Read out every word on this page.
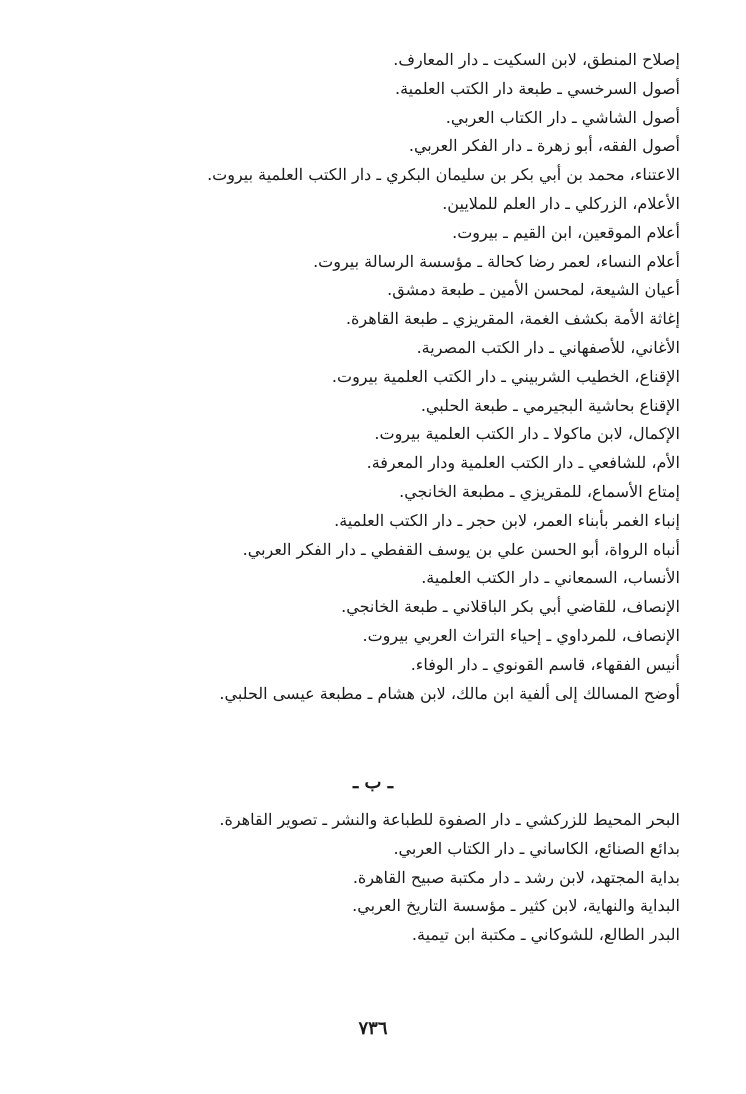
إصلاح المنطق، لابن السكيت ـ دار المعارف.
أصول السرخسي ـ طبعة دار الكتب العلمية.
أصول الشاشي ـ دار الكتاب العربي.
أصول الفقه، أبو زهرة ـ دار الفكر العربي.
الاعتناء، محمد بن أبي بكر بن سليمان البكري ـ دار الكتب العلمية بيروت.
الأعلام، الزركلي ـ دار العلم للملايين.
أعلام الموقعين، ابن القيم ـ بيروت.
أعلام النساء، لعمر رضا كحالة ـ مؤسسة الرسالة بيروت.
أعيان الشيعة، لمحسن الأمين ـ طبعة دمشق.
إغاثة الأمة بكشف الغمة، المقريزي ـ طبعة القاهرة.
الأغاني، للأصفهاني ـ دار الكتب المصرية.
الإقناع، الخطيب الشربيني ـ دار الكتب العلمية بيروت.
الإقناع بحاشية البجيرمي ـ طبعة الحلبي.
الإكمال، لابن ماكولا ـ دار الكتب العلمية بيروت.
الأم، للشافعي ـ دار الكتب العلمية ودار المعرفة.
إمتاع الأسماع، للمقريزي ـ مطبعة الخانجي.
إنباء الغمر بأبناء العمر، لابن حجر ـ دار الكتب العلمية.
أنباه الرواة، أبو الحسن علي بن يوسف القفطي ـ دار الفكر العربي.
الأنساب، السمعاني ـ دار الكتب العلمية.
الإنصاف، للقاضي أبي بكر الباقلاني ـ طبعة الخانجي.
الإنصاف، للمرداوي ـ إحياء التراث العربي بيروت.
أنيس الفقهاء، قاسم القونوي ـ دار الوفاء.
أوضح المسالك إلى ألفية ابن مالك، لابن هشام ـ مطبعة عيسى الحلبي.
ـ ب ـ
البحر المحيط للزركشي ـ دار الصفوة للطباعة والنشر ـ تصوير القاهرة.
بدائع الصنائع، الكاساني ـ دار الكتاب العربي.
بداية المجتهد، لابن رشد ـ دار مكتبة صبيح القاهرة.
البداية والنهاية، لابن كثير ـ مؤسسة التاريخ العربي.
البدر الطالع، للشوكاني ـ مكتبة ابن تيمية.
٧٣٦
